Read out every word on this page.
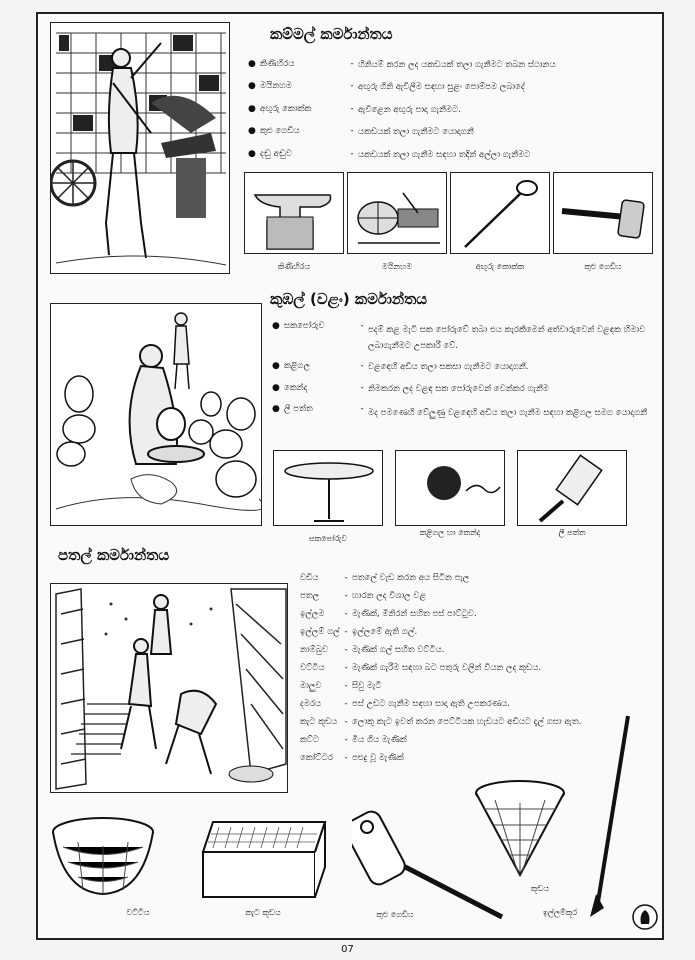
කම්මල් කර්මාන්තය
● කිණිහිරය	- හිනියම් කරන ලද යකඩයක් තලා ගැනීමට තබන ස්ථානය
● මයිනහම	- අඟුරු ගිනි ඇවිලීම සඳහා සුළං පොම්පම ලබාදේ
● අඟුරු කොක්ක	- ඇවිළෙන අඟුරු පාදා ගැනීමට.
● කුළු ගෙඩිය	- යකඩයක් තලා ගැනීමට යොදාගනී
● දඬු අඬුව	- යකඩයක් තලා ගැනීම සඳහා තදින් අල්ලා ගැනීමට
කිණිහිරය	මයිනහම	අඟුරු කොක්ක	කුළු ගෙඩිය
කුඹල් (වළං) කර්මාන්තය
● සකපෝරුව	- පදම් කළ මැටි සක පෝරුවේ තබා එය කැරකීමෙන් අත්වාරුවෙන් වළඳක හිමාව ලබාගැනීමට උපකාරී වේ.
● කළිගල	- වළඳෙහි අඩිය තලා සකසා ගැනීමට යොදාගනී.
● කෙන්ද	- නිමකරන ලද වළඳ සක පෝරුවෙන් වෙන්කර ගැනීම
● ලී පත්ත	- මද පමණෙහි වේලුණු වළඳෙහි අඩිය තලා ගැනීම සඳහා කළිගල සමග යොදාගනී
සකපෝරුව
කළිගල හා කෙන්ද	ලී පත්ත
පතල් කර්මාන්තය
වඩිය	- පතලේ වැඩ කරන අය සිටින පැල
පතල	- හාරන ලද විශාල වළ
ඉල්ලම	- මැණික්, මිනිරන් සහිත පස් පාට්ටුව.
ඉල්ලම් ගල් - ඉල්ලමේ ඇති ගල්.
නාම්බුව	- මැණික් ගල් සහිත වට්ටිය.
වට්ටිය	- මැණික් ගැරීම සඳහා බට පතුරු වලින් වියන ලද කූඩය.
මාලුව	- සිවු මැටි
දමරය	- පස් උඩට ගැනීම සඳහා සාදා ඇති උපකරණය.
කැට කූඩය - ලොකු කැට ඉවත් කරන පෙට්ටියක හැඩයට අඩියට දැල් ගසා ඇත.
කට්ට	- මිය ගිය මැණික්
කෝට්ටර	- පළුදු වූ මැණික්
වට්ටිය	කැට කූඩය	කුළු ගෙඩිය
කූඩය
ඉල්ලම්කූර
07
